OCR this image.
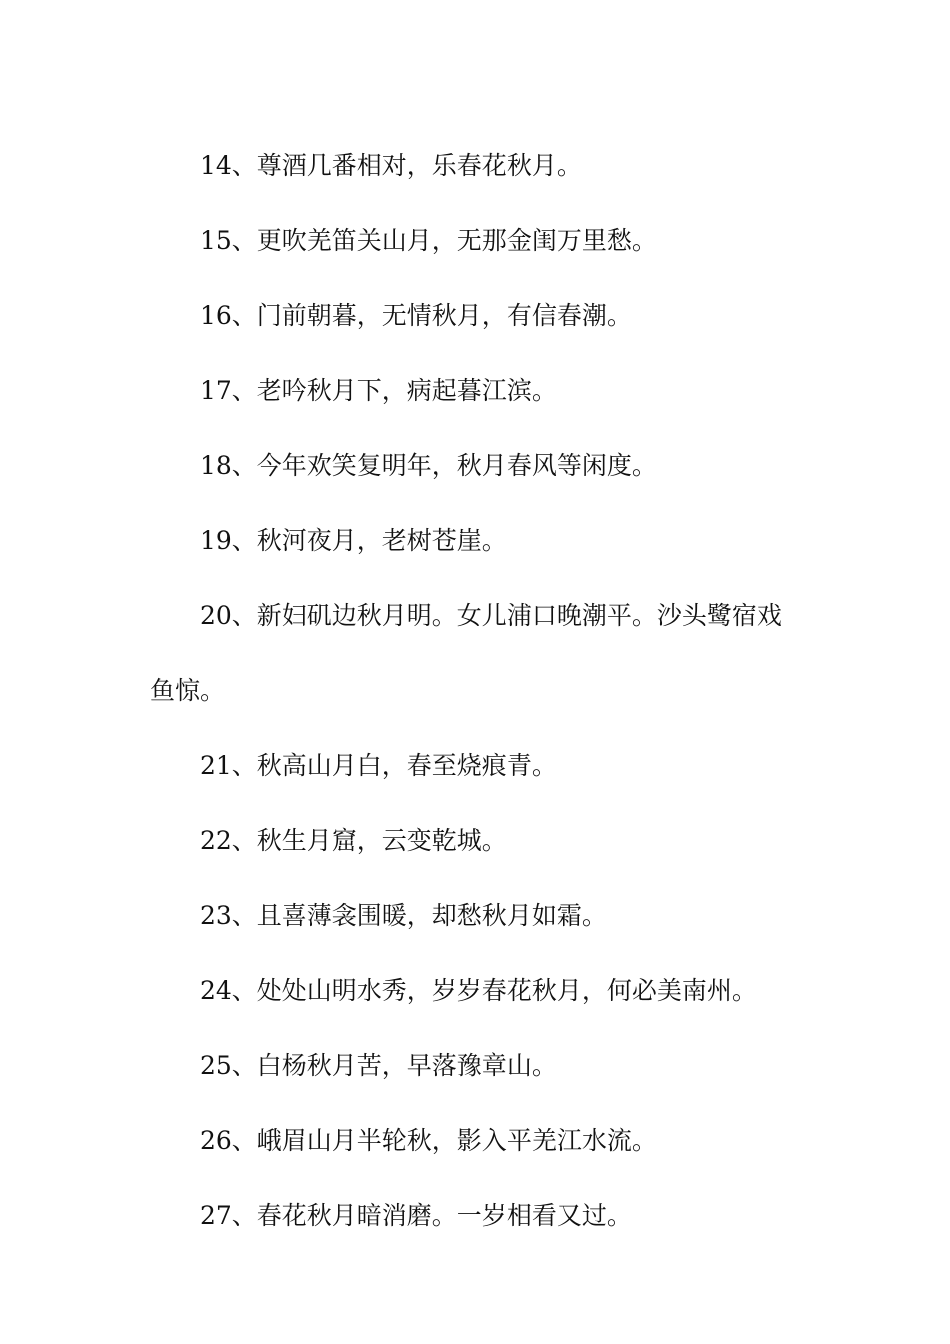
14、尊酒几番相对，乐春花秋月。
15、更吹羌笛关山月，无那金闺万里愁。
16、门前朝暮，无情秋月，有信春潮。
17、老吟秋月下，病起暮江滨。
18、今年欢笑复明年，秋月春风等闲度。
19、秋河夜月，老树苍崖。
20、新妇矶边秋月明。女儿浦口晚潮平。沙头鹭宿戏
鱼惊。
21、秋高山月白，春至烧痕青。
22、秋生月窟，云变乾城。
23、且喜薄衾围暖，却愁秋月如霜。
24、处处山明水秀，岁岁春花秋月，何必美南州。
25、白杨秋月苦，早落豫章山。
26、峨眉山月半轮秋，影入平羌江水流。
27、春花秋月暗消磨。一岁相看又过。
